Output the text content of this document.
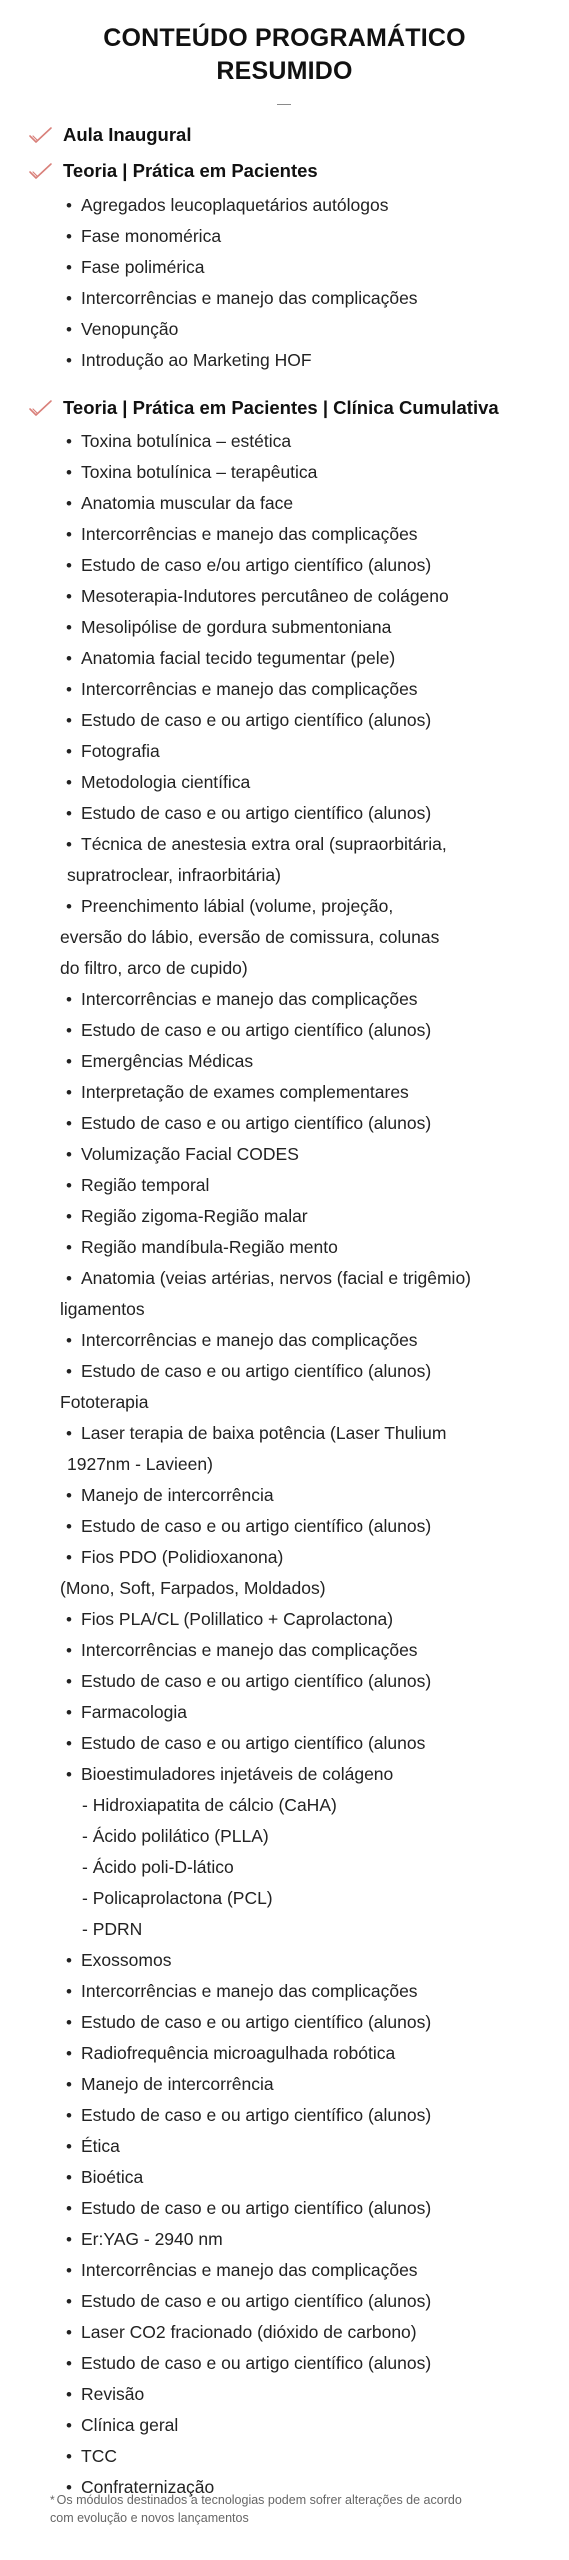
CONTEÚDO PROGRAMÁTICO
RESUMIDO
Aula Inaugural
Teoria | Prática em Pacientes
• Agregados leucoplaquetários autólogos
• Fase monomérica
• Fase polimérica
• Intercorrências e manejo das complicações
• Venopunção
• Introdução ao Marketing HOF
Teoria | Prática em Pacientes | Clínica Cumulativa
• Toxina botulínica – estética
• Toxina botulínica – terapêutica
• Anatomia muscular da face
• Intercorrências e manejo das complicações
• Estudo de caso e/ou artigo científico (alunos)
• Mesoterapia-Indutores percutâneo de colágeno
• Mesolipólise de gordura submentoniana
• Anatomia facial tecido tegumentar (pele)
• Intercorrências e manejo das complicações
• Estudo de caso e ou artigo científico (alunos)
• Fotografia
• Metodologia científica
• Estudo de caso e ou artigo científico (alunos)
• Técnica de anestesia extra oral (supraorbitária,
supratroclear, infraorbitária)
• Preenchimento lábial (volume, projeção,
eversão do lábio, eversão de comissura, colunas
do filtro, arco de cupido)
• Intercorrências e manejo das complicações
• Estudo de caso e ou artigo científico (alunos)
• Emergências Médicas
• Interpretação de exames complementares
• Estudo de caso e ou artigo científico (alunos)
• Volumização Facial CODES
• Região temporal
• Região zigoma-Região malar
• Região mandíbula-Região mento
• Anatomia (veias artérias, nervos (facial e trigêmio)
ligamentos
• Intercorrências e manejo das complicações
• Estudo de caso e ou artigo científico (alunos)
Fototerapia
• Laser terapia de baixa potência (Laser Thulium
1927nm - Lavieen)
• Manejo de intercorrência
• Estudo de caso e ou artigo científico (alunos)
• Fios PDO (Polidioxanona)
(Mono, Soft, Farpados, Moldados)
• Fios PLA/CL (Polillatico + Caprolactona)
• Intercorrências e manejo das complicações
• Estudo de caso e ou artigo científico (alunos)
• Farmacologia
• Estudo de caso e ou artigo científico (alunos
• Bioestimuladores injetáveis de colágeno
- Hidroxiapatita de cálcio (CaHA)
- Ácido polilático (PLLA)
- Ácido poli-D-lático
- Policaprolactona (PCL)
- PDRN
• Exossomos
• Intercorrências e manejo das complicações
• Estudo de caso e ou artigo científico (alunos)
• Radiofrequência microagulhada robótica
• Manejo de intercorrência
• Estudo de caso e ou artigo científico (alunos)
• Ética
• Bioética
• Estudo de caso e ou artigo científico (alunos)
• Er:YAG - 2940 nm
• Intercorrências e manejo das complicações
• Estudo de caso e ou artigo científico (alunos)
• Laser CO2 fracionado (dióxido de carbono)
• Estudo de caso e ou artigo científico (alunos)
• Revisão
• Clínica geral
• TCC
• Confraternização
* Os módulos destinados a tecnologias podem sofrer alterações de acordo
com evolução e novos lançamentos
